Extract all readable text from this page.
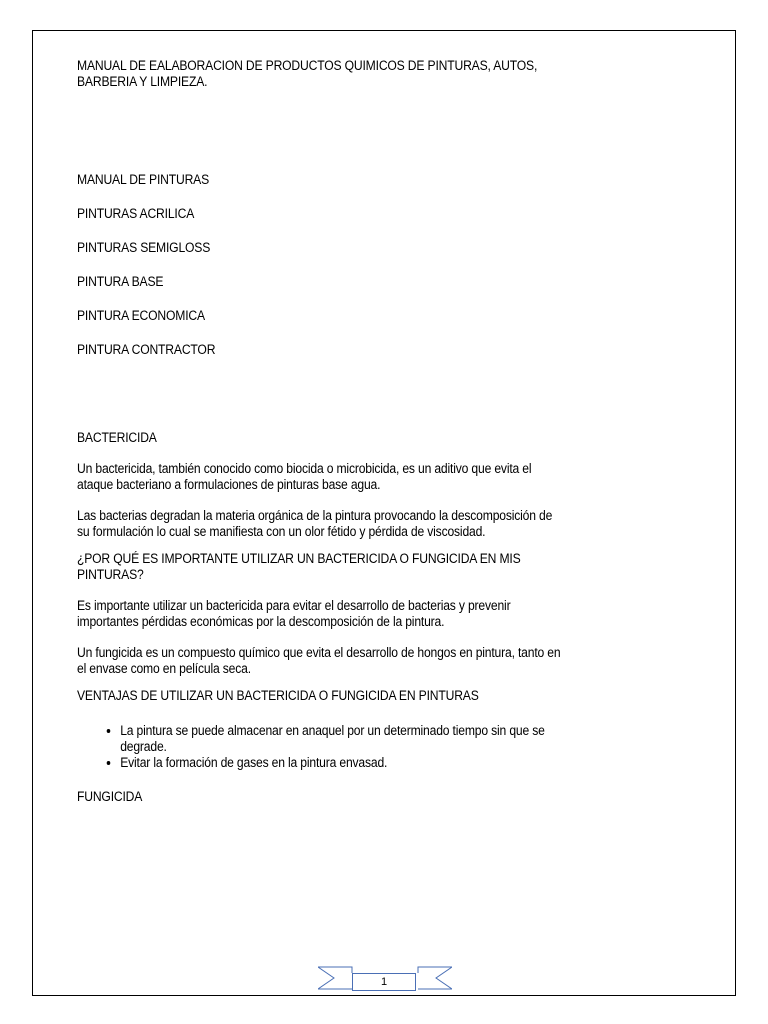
MANUAL DE EALABORACION DE PRODUCTOS QUIMICOS DE PINTURAS, AUTOS, BARBERIA Y LIMPIEZA.

MANUAL DE PINTURAS

PINTURAS ACRILICA

PINTURAS SEMIGLOSS

PINTURA BASE

PINTURA ECONOMICA

PINTURA CONTRACTOR

BACTERICIDA

Un bactericida, también conocido como biocida o microbicida, es un aditivo que evita el ataque bacteriano a formulaciones de pinturas base agua.

Las bacterias degradan la materia orgánica de la pintura provocando la descomposición de su formulación lo cual se manifiesta con un olor fétido y pérdida de viscosidad.

¿POR QUÉ ES IMPORTANTE UTILIZAR UN BACTERICIDA O FUNGICIDA EN MIS PINTURAS?

Es importante utilizar un bactericida para evitar el desarrollo de bacterias y prevenir importantes pérdidas económicas por la descomposición de la pintura.

Un fungicida es un compuesto químico que evita el desarrollo de hongos en pintura, tanto en el envase como en película seca.

VENTAJAS DE UTILIZAR UN BACTERICIDA O FUNGICIDA EN PINTURAS

• La pintura se puede almacenar en anaquel por un determinado tiempo sin que se degrade.
• Evitar la formación de gases en la pintura envasad.

FUNGICIDA

1
